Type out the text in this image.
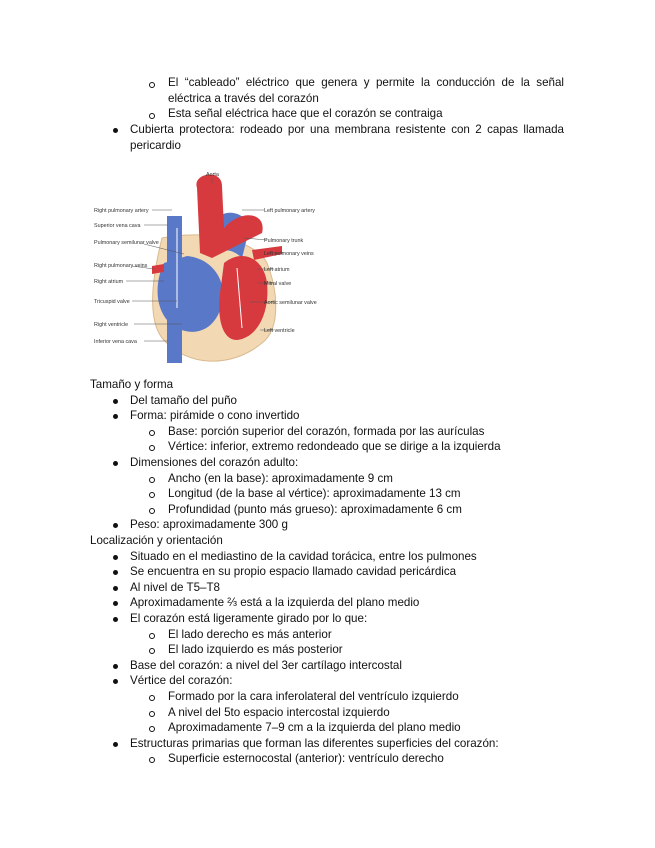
El “cableado” eléctrico que genera y permite la conducción de la señal
eléctrica a través del corazón
Esta señal eléctrica hace que el corazón se contraiga
Cubierta protectora: rodeado por una membrana resistente con 2 capas llamada
pericardio
Aorta
Right pulmonary artery
Superior vena cava
Pulmonary semilunar valve
Right pulmonary veins
Right atrium
Tricuspid valve
Right ventricle
Inferior vena cava
Left pulmonary artery
Pulmonary trunk
Left pulmonary veins
Left atrium
Mitral valve
Aortic semilunar valve
Left ventricle
Tamaño y forma
Del tamaño del puño
Forma: pirámide o cono invertido
Base: porción superior del corazón, formada por las aurículas
Vértice: inferior, extremo redondeado que se dirige a la izquierda
Dimensiones del corazón adulto:
Ancho (en la base): aproximadamente 9 cm
Longitud (de la base al vértice): aproximadamente 13 cm
Profundidad (punto más grueso): aproximadamente 6 cm
Peso: aproximadamente 300 g
Localización y orientación
Situado en el mediastino de la cavidad torácica, entre los pulmones
Se encuentra en su propio espacio llamado cavidad pericárdica
Al nivel de T5–T8
Aproximadamente ⅔ está a la izquierda del plano medio
El corazón está ligeramente girado por lo que:
El lado derecho es más anterior
El lado izquierdo es más posterior
Base del corazón: a nivel del 3er cartílago intercostal
Vértice del corazón:
Formado por la cara inferolateral del ventrículo izquierdo
A nivel del 5to espacio intercostal izquierdo
Aproximadamente 7–9 cm a la izquierda del plano medio
Estructuras primarias que forman las diferentes superficies del corazón:
Superficie esternocostal (anterior): ventrículo derecho
